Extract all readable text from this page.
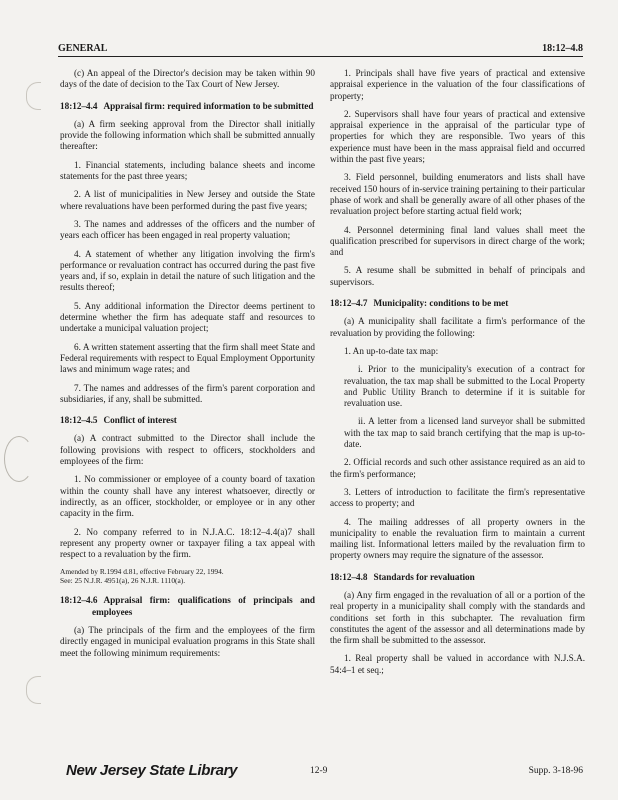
GENERAL	18:12–4.8

(c) An appeal of the Director's decision may be taken within 90 days of the date of decision to the Tax Court of New Jersey.

18:12–4.4 Appraisal firm: required information to be submitted

(a) A firm seeking approval from the Director shall initially provide the following information which shall be submitted annually thereafter:

1. Financial statements, including balance sheets and income statements for the past three years;

2. A list of municipalities in New Jersey and outside the State where revaluations have been performed during the past five years;

3. The names and addresses of the officers and the number of years each officer has been engaged in real property valuation;

4. A statement of whether any litigation involving the firm's performance or revaluation contract has occurred during the past five years and, if so, explain in detail the nature of such litigation and the results thereof;

5. Any additional information the Director deems pertinent to determine whether the firm has adequate staff and resources to undertake a municipal valuation project;

6. A written statement asserting that the firm shall meet State and Federal requirements with respect to Equal Employment Opportunity laws and minimum wage rates; and

7. The names and addresses of the firm's parent corporation and subsidiaries, if any, shall be submitted.

18:12–4.5 Conflict of interest

(a) A contract submitted to the Director shall include the following provisions with respect to officers, stockholders and employees of the firm:

1. No commissioner or employee of a county board of taxation within the county shall have any interest whatsoever, directly or indirectly, as an officer, stockholder, or employee or in any other capacity in the firm.

2. No company referred to in N.J.A.C. 18:12–4.4(a)7 shall represent any property owner or taxpayer filing a tax appeal with respect to a revaluation by the firm.

Amended by R.1994 d.81, effective February 22, 1994.
See: 25 N.J.R. 4951(a), 26 N.J.R. 1110(a).

18:12–4.6 Appraisal firm: qualifications of principals and employees

(a) The principals of the firm and the employees of the firm directly engaged in municipal evaluation programs in this State shall meet the following minimum requirements:

1. Principals shall have five years of practical and extensive appraisal experience in the valuation of the four classifications of property;

2. Supervisors shall have four years of practical and extensive appraisal experience in the appraisal of the particular type of properties for which they are responsible. Two years of this experience must have been in the mass appraisal field and occurred within the past five years;

3. Field personnel, building enumerators and lists shall have received 150 hours of in-service training pertaining to their particular phase of work and shall be generally aware of all other phases of the revaluation project before starting actual field work;

4. Personnel determining final land values shall meet the qualification prescribed for supervisors in direct charge of the work; and

5. A resume shall be submitted in behalf of principals and supervisors.

18:12–4.7 Municipality: conditions to be met

(a) A municipality shall facilitate a firm's performance of the revaluation by providing the following:

1. An up-to-date tax map:

i. Prior to the municipality's execution of a contract for revaluation, the tax map shall be submitted to the Local Property and Public Utility Branch to determine if it is suitable for revaluation use.

ii. A letter from a licensed land surveyor shall be submitted with the tax map to said branch certifying that the map is up-to-date.

2. Official records and such other assistance required as an aid to the firm's performance;

3. Letters of introduction to facilitate the firm's representative access to property; and

4. The mailing addresses of all property owners in the municipality to enable the revaluation firm to maintain a current mailing list. Informational letters mailed by the revaluation firm to property owners may require the signature of the assessor.

18:12–4.8 Standards for revaluation

(a) Any firm engaged in the revaluation of all or a portion of the real property in a municipality shall comply with the standards and conditions set forth in this subchapter. The revaluation firm constitutes the agent of the assessor and all determinations made by the firm shall be submitted to the assessor.

1. Real property shall be valued in accordance with N.J.S.A. 54:4–1 et seq.;

New Jersey State Library	12-9	Supp. 3-18-96
